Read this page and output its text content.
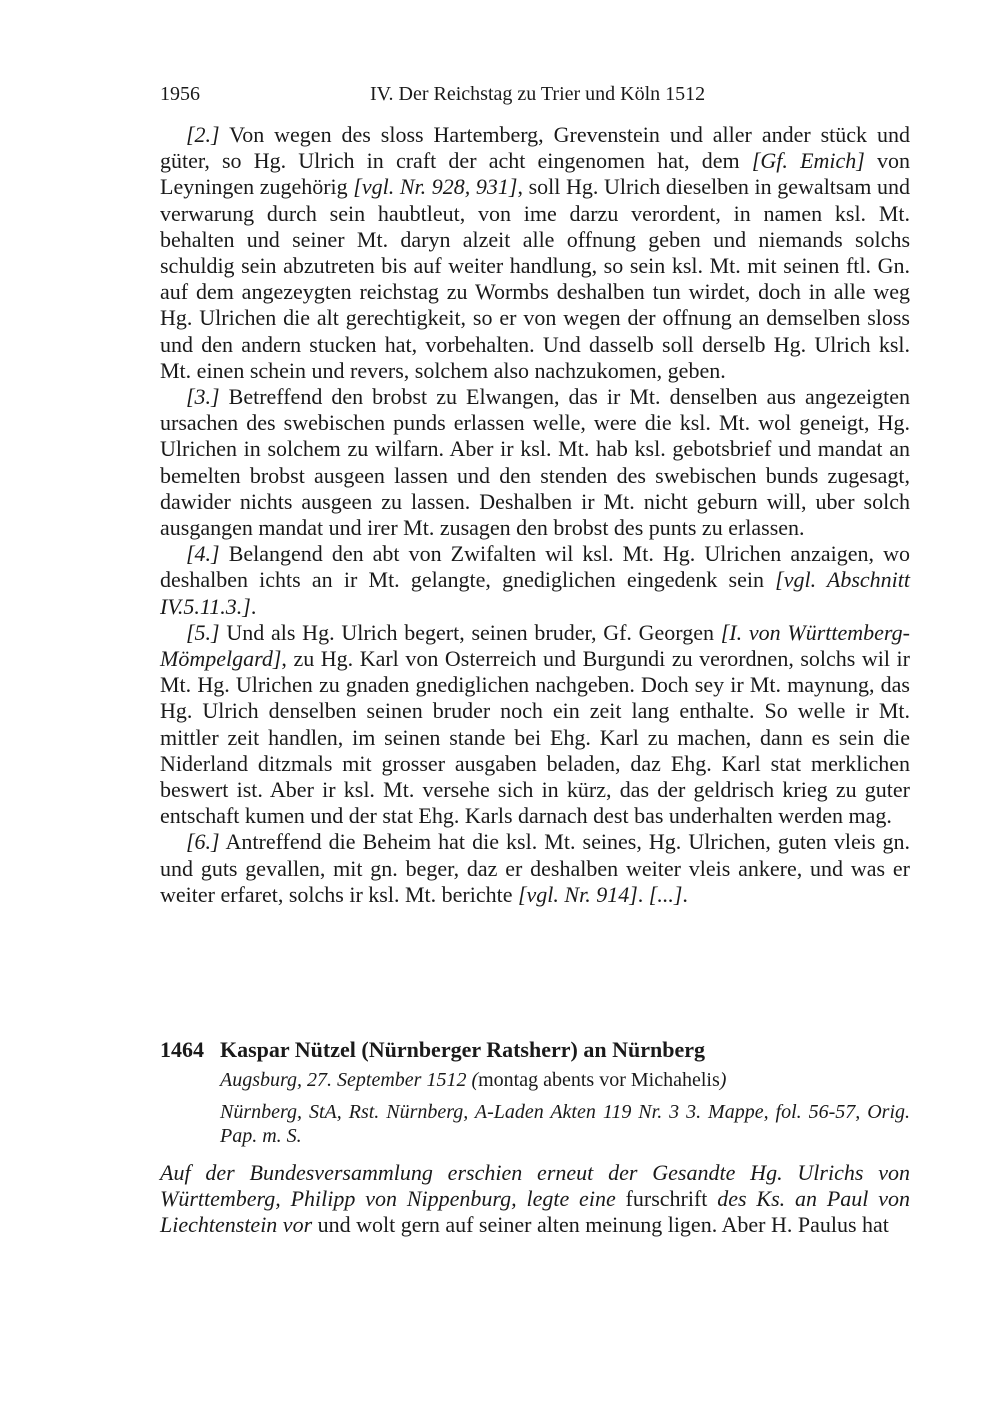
1956	IV. Der Reichstag zu Trier und Köln 1512

[2.] Von wegen des sloss Hartemberg, Grevenstein und aller ander stück und güter, so Hg. Ulrich in craft der acht eingenomen hat, dem [Gf. Emich] von Leyningen zugehörig [vgl. Nr. 928, 931], soll Hg. Ulrich dieselben in gewaltsam und verwarung durch sein haubtleut, von ime darzu verordent, in namen ksl. Mt. behalten und seiner Mt. daryn alzeit alle offnung geben und niemands solchs schuldig sein abzutreten bis auf weiter handlung, so sein ksl. Mt. mit seinen ftl. Gn. auf dem angezeygten reichstag zu Wormbs deshalben tun wirdet, doch in alle weg Hg. Ulrichen die alt gerechtigkeit, so er von wegen der offnung an demselben sloss und den andern stucken hat, vorbehalten. Und dasselb soll derselb Hg. Ulrich ksl. Mt. einen schein und revers, solchem also nachzukomen, geben.

[3.] Betreffend den brobst zu Elwangen, das ir Mt. denselben aus angezeigten ursachen des swebischen punds erlassen welle, were die ksl. Mt. wol geneigt, Hg. Ulrichen in solchem zu wilfarn. Aber ir ksl. Mt. hab ksl. gebotsbrief und mandat an bemelten brobst ausgeen lassen und den stenden des swebischen bunds zugesagt, dawider nichts ausgeen zu lassen. Deshalben ir Mt. nicht geburn will, uber solch ausgangen mandat und irer Mt. zusagen den brobst des punts zu erlassen.

[4.] Belangend den abt von Zwifalten wil ksl. Mt. Hg. Ulrichen anzaigen, wo deshalben ichts an ir Mt. gelangte, gnediglichen eingedenk sein [vgl. Abschnitt IV.5.11.3.].

[5.] Und als Hg. Ulrich begert, seinen bruder, Gf. Georgen [I. von Württemberg-Mömpelgard], zu Hg. Karl von Osterreich und Burgundi zu verordnen, solchs wil ir Mt. Hg. Ulrichen zu gnaden gnediglichen nachgeben. Doch sey ir Mt. maynung, das Hg. Ulrich denselben seinen bruder noch ein zeit lang enthalte. So welle ir Mt. mittler zeit handlen, im seinen stande bei Ehg. Karl zu machen, dann es sein die Niderland ditzmals mit grosser ausgaben beladen, daz Ehg. Karl stat merklichen beswert ist. Aber ir ksl. Mt. versehe sich in kürz, das der geldrisch krieg zu guter entschaft kumen und der stat Ehg. Karls darnach dest bas underhalten werden mag.

[6.] Antreffend die Beheim hat die ksl. Mt. seines, Hg. Ulrichen, guten vleis gn. und guts gevallen, mit gn. beger, daz er deshalben weiter vleis ankere, und was er weiter erfaret, solchs ir ksl. Mt. berichte [vgl. Nr. 914]. [...].

1464 Kaspar Nützel (Nürnberger Ratsherr) an Nürnberg
Augsburg, 27. September 1512 (montag abents vor Michahelis)
Nürnberg, StA, Rst. Nürnberg, A-Laden Akten 119 Nr. 3 3. Mappe, fol. 56-57, Orig. Pap. m. S.
Auf der Bundesversammlung erschien erneut der Gesandte Hg. Ulrichs von Württemberg, Philipp von Nippenburg, legte eine furschrift des Ks. an Paul von Liechtenstein vor und wolt gern auf seiner alten meinung ligen. Aber H. Paulus hat
